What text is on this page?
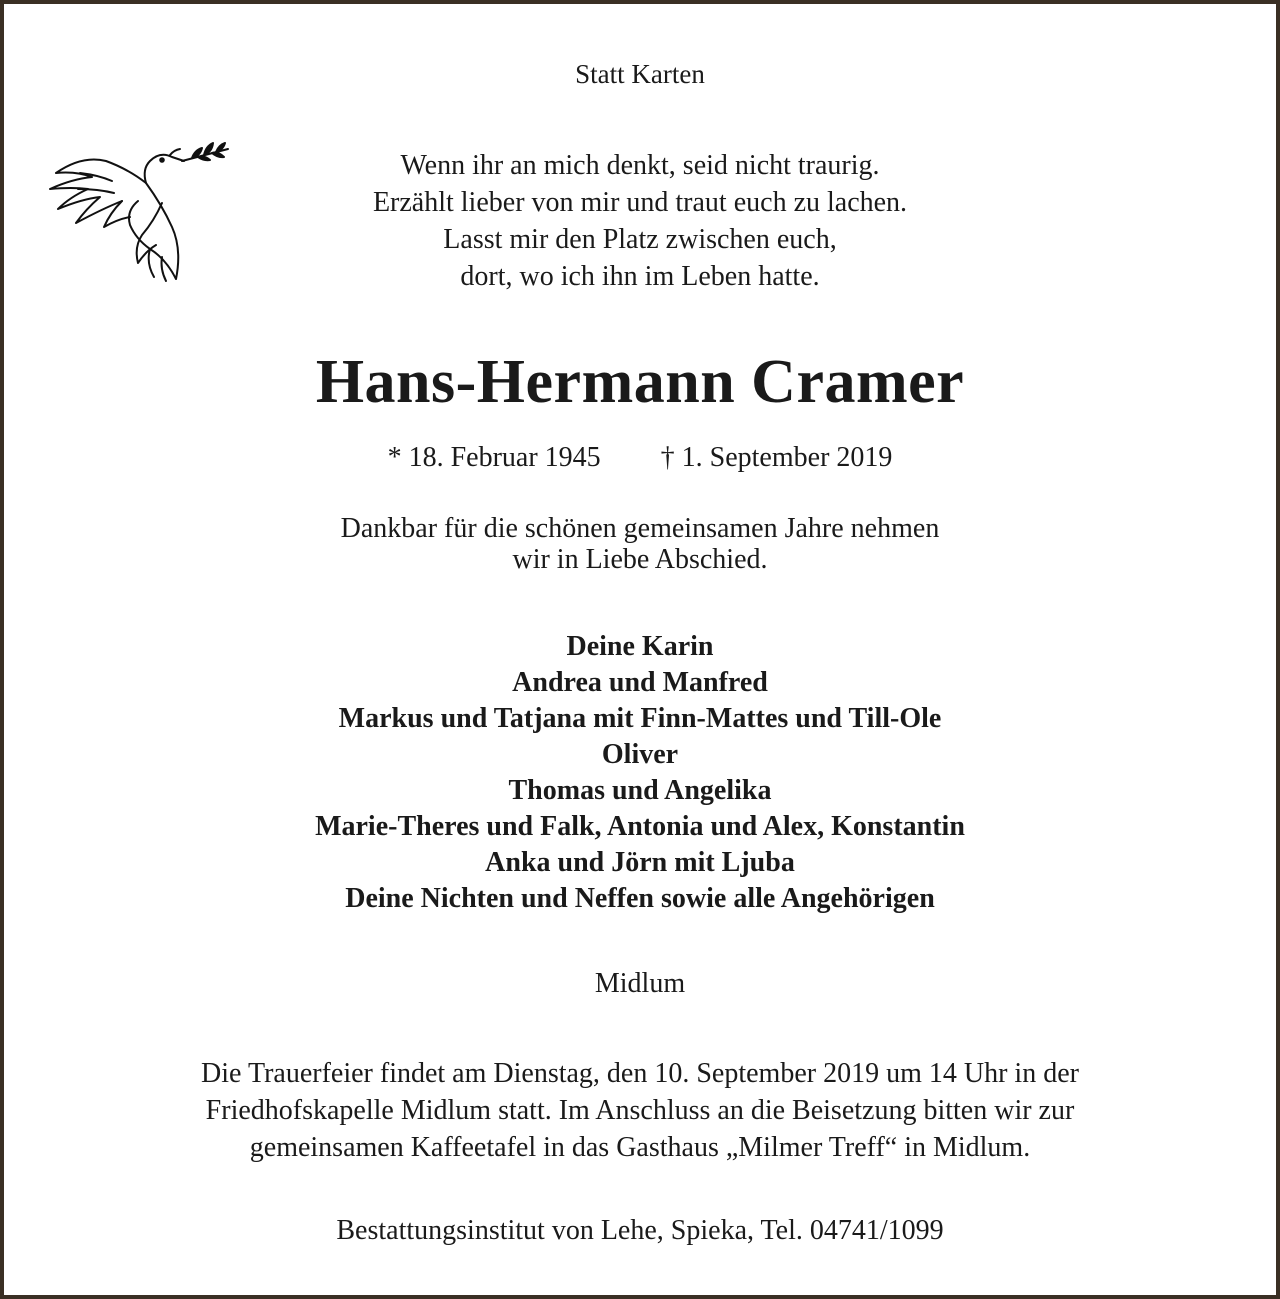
Statt Karten
Wenn ihr an mich denkt, seid nicht traurig.
Erzählt lieber von mir und traut euch zu lachen.
Lasst mir den Platz zwischen euch,
dort, wo ich ihn im Leben hatte.
Hans-Hermann Cramer
* 18. Februar 1945 † 1. September 2019
Dankbar für die schönen gemeinsamen Jahre nehmen
wir in Liebe Abschied.
Deine Karin
Andrea und Manfred
Markus und Tatjana mit Finn-Mattes und Till-Ole
Oliver
Thomas und Angelika
Marie-Theres und Falk, Antonia und Alex, Konstantin
Anka und Jörn mit Ljuba
Deine Nichten und Neffen sowie alle Angehörigen
Midlum
Die Trauerfeier findet am Dienstag, den 10. September 2019 um 14 Uhr in der
Friedhofskapelle Midlum statt. Im Anschluss an die Beisetzung bitten wir zur
gemeinsamen Kaffeetafel in das Gasthaus „Milmer Treff“ in Midlum.
Bestattungsinstitut von Lehe, Spieka, Tel. 04741/1099
